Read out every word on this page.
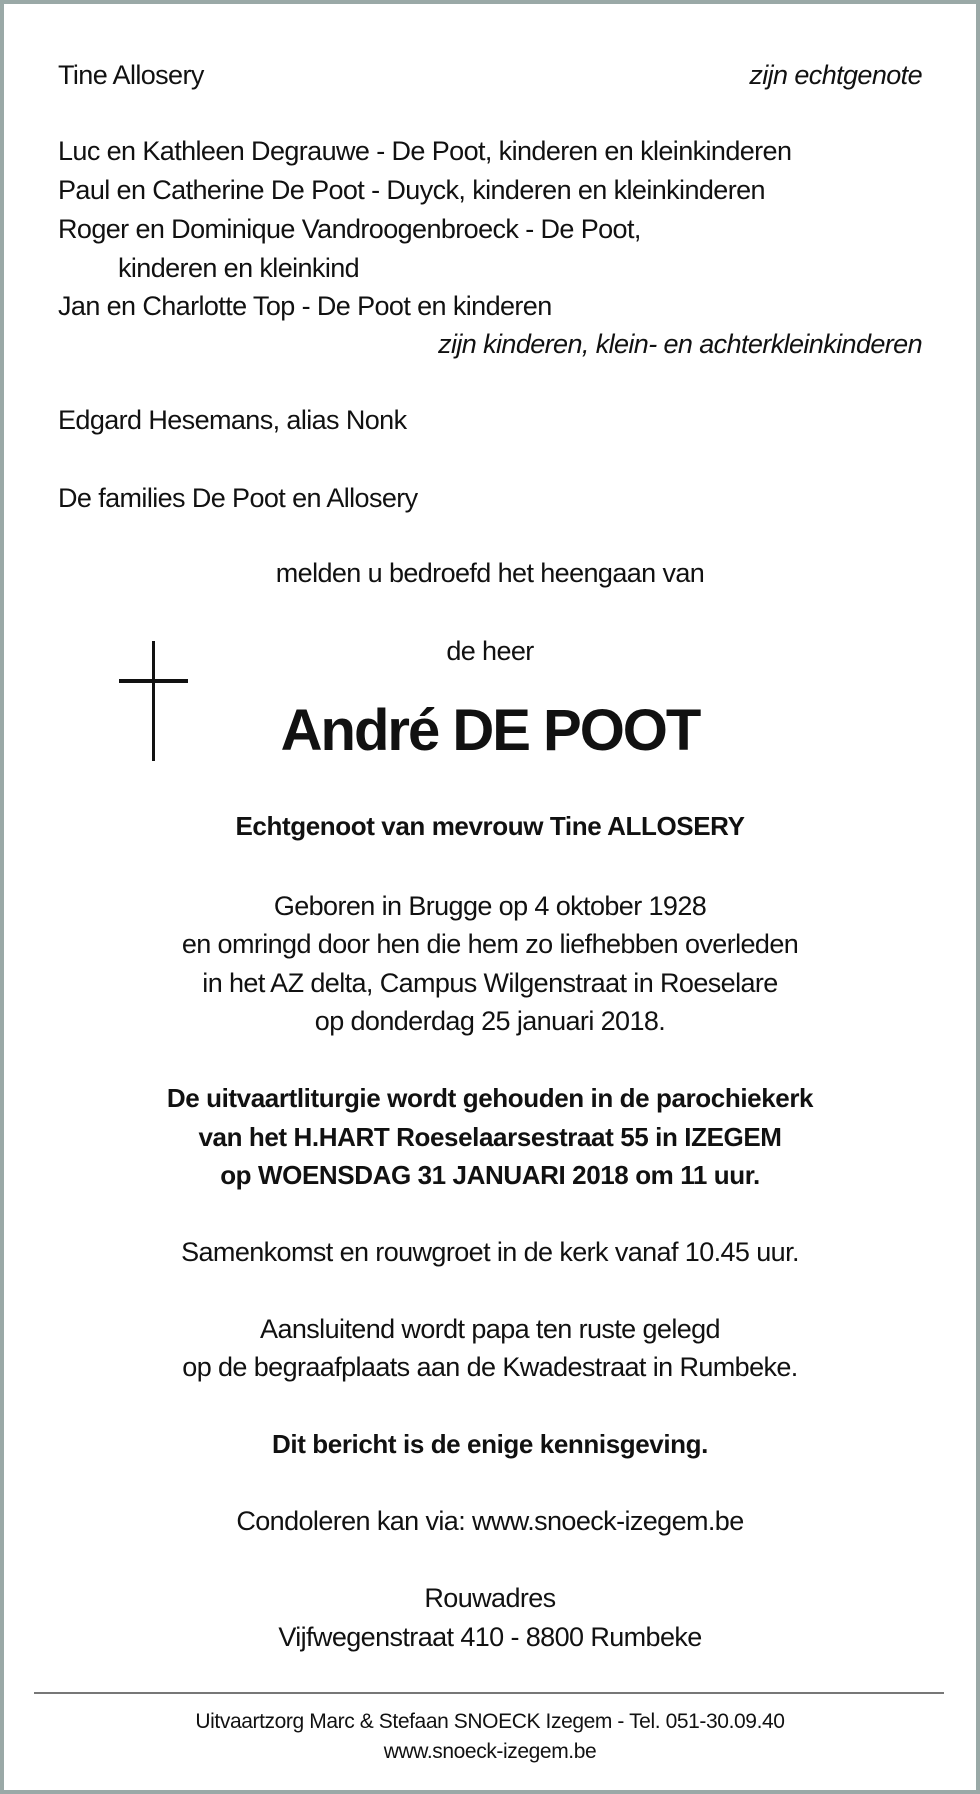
Tine Allosery	zijn echtgenote
Luc en Kathleen Degrauwe - De Poot, kinderen en kleinkinderen
Paul en Catherine De Poot - Duyck, kinderen en kleinkinderen
Roger en Dominique Vandroogenbroeck - De Poot,
kinderen en kleinkind
Jan en Charlotte Top - De Poot en kinderen
zijn kinderen, klein- en achterkleinkinderen
Edgard Hesemans, alias Nonk
De families De Poot en Allosery
melden u bedroefd het heengaan van
de heer
André DE POOT
Echtgenoot van mevrouw Tine ALLOSERY
Geboren in Brugge op 4 oktober 1928
en omringd door hen die hem zo liefhebben overleden
in het AZ delta, Campus Wilgenstraat in Roeselare
op donderdag 25 januari 2018.
De uitvaartliturgie wordt gehouden in de parochiekerk
van het H.HART Roeselaarsestraat 55 in IZEGEM
op WOENSDAG 31 JANUARI 2018 om 11 uur.
Samenkomst en rouwgroet in de kerk vanaf 10.45 uur.
Aansluitend wordt papa ten ruste gelegd
op de begraafplaats aan de Kwadestraat in Rumbeke.
Dit bericht is de enige kennisgeving.
Condoleren kan via: www.snoeck-izegem.be
Rouwadres
Vijfwegenstraat 410 - 8800 Rumbeke
Uitvaartzorg Marc & Stefaan SNOECK Izegem - Tel. 051-30.09.40
www.snoeck-izegem.be
